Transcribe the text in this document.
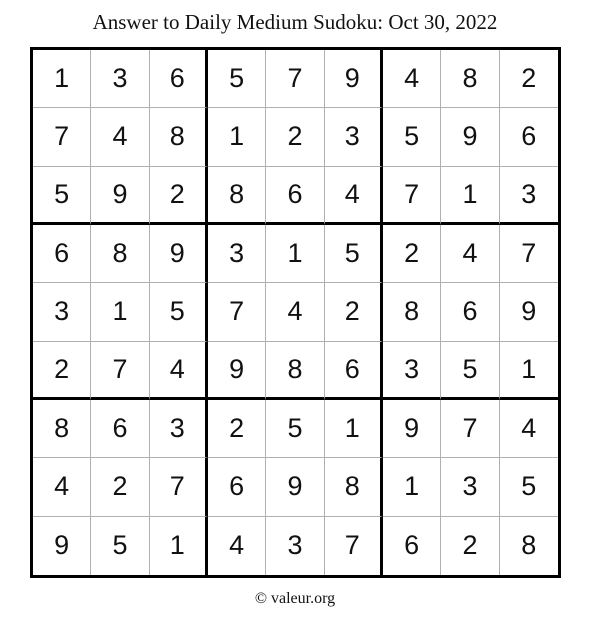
Answer to Daily Medium Sudoku: Oct 30, 2022
1	3	6	5	7	9	4	8	2
7	4	8	1	2	3	5	9	6
5	9	2	8	6	4	7	1	3
6	8	9	3	1	5	2	4	7
3	1	5	7	4	2	8	6	9
2	7	4	9	8	6	3	5	1
8	6	3	2	5	1	9	7	4
4	2	7	6	9	8	1	3	5
9	5	1	4	3	7	6	2	8
© valeur.org
